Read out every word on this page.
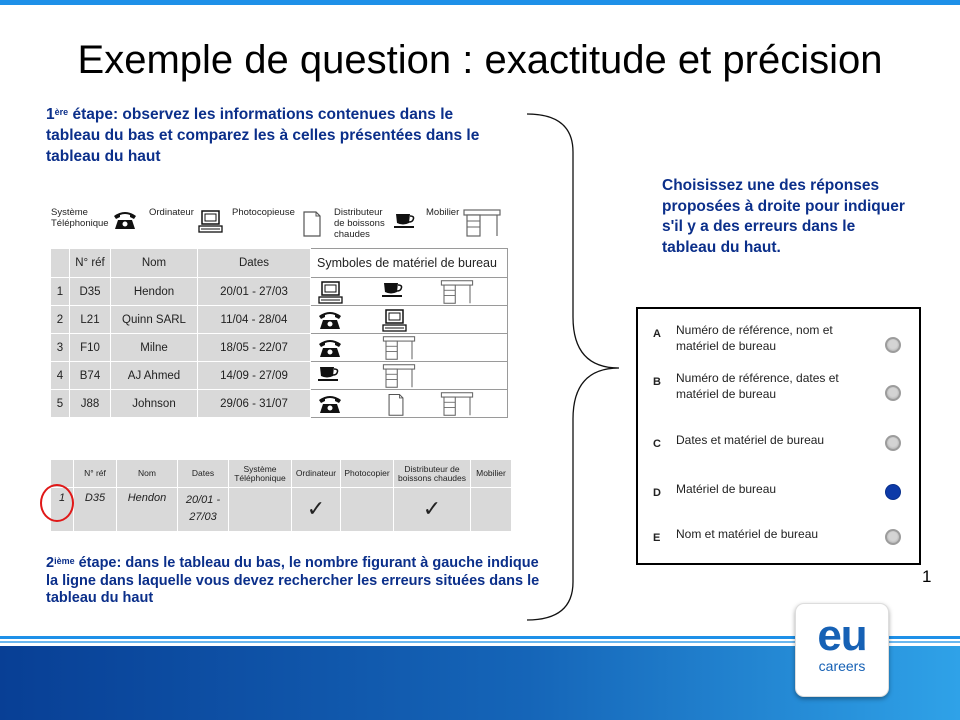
Exemple de question : exactitude et précision
1ère étape: observez les informations contenues dans le tableau du bas et comparez les à celles présentées dans le tableau du haut
Système
Téléphonique
Ordinateur	Photocopieuse	Distributeur
de boissons
chaudes
Mobilier
	N° réf	Nom	Dates	Symboles de matériel de bureau
1	D35	Hendon	20/01 - 27/03	

2	L21	Quinn SARL	11/04 - 28/04	

3	F10	Milne	18/05 - 22/07	

4	B74	AJ Ahmed	14/09 - 27/09	

5	J88	Johnson	29/06 - 31/07	
	N° réf	Nom	Dates	Système Téléphonique	Ordinateur	Photocopier	Distributeur de boissons chaudes	Mobilier
1	D35	Hendon	20/01 - 27/03		✓		✓	
2ième étape: dans le tableau du bas, le nombre figurant à gauche indique la ligne dans laquelle vous devez rechercher les erreurs situées dans le tableau du haut
Choisissez une des réponses proposées à droite pour indiquer s'il y a des erreurs dans le tableau du haut.
A Numéro de référence, nom et matériel de bureau
B Numéro de référence, dates et matériel de bureau
C Dates et matériel de bureau
D Matériel de bureau
E Nom et matériel de bureau
1
eu
careers
